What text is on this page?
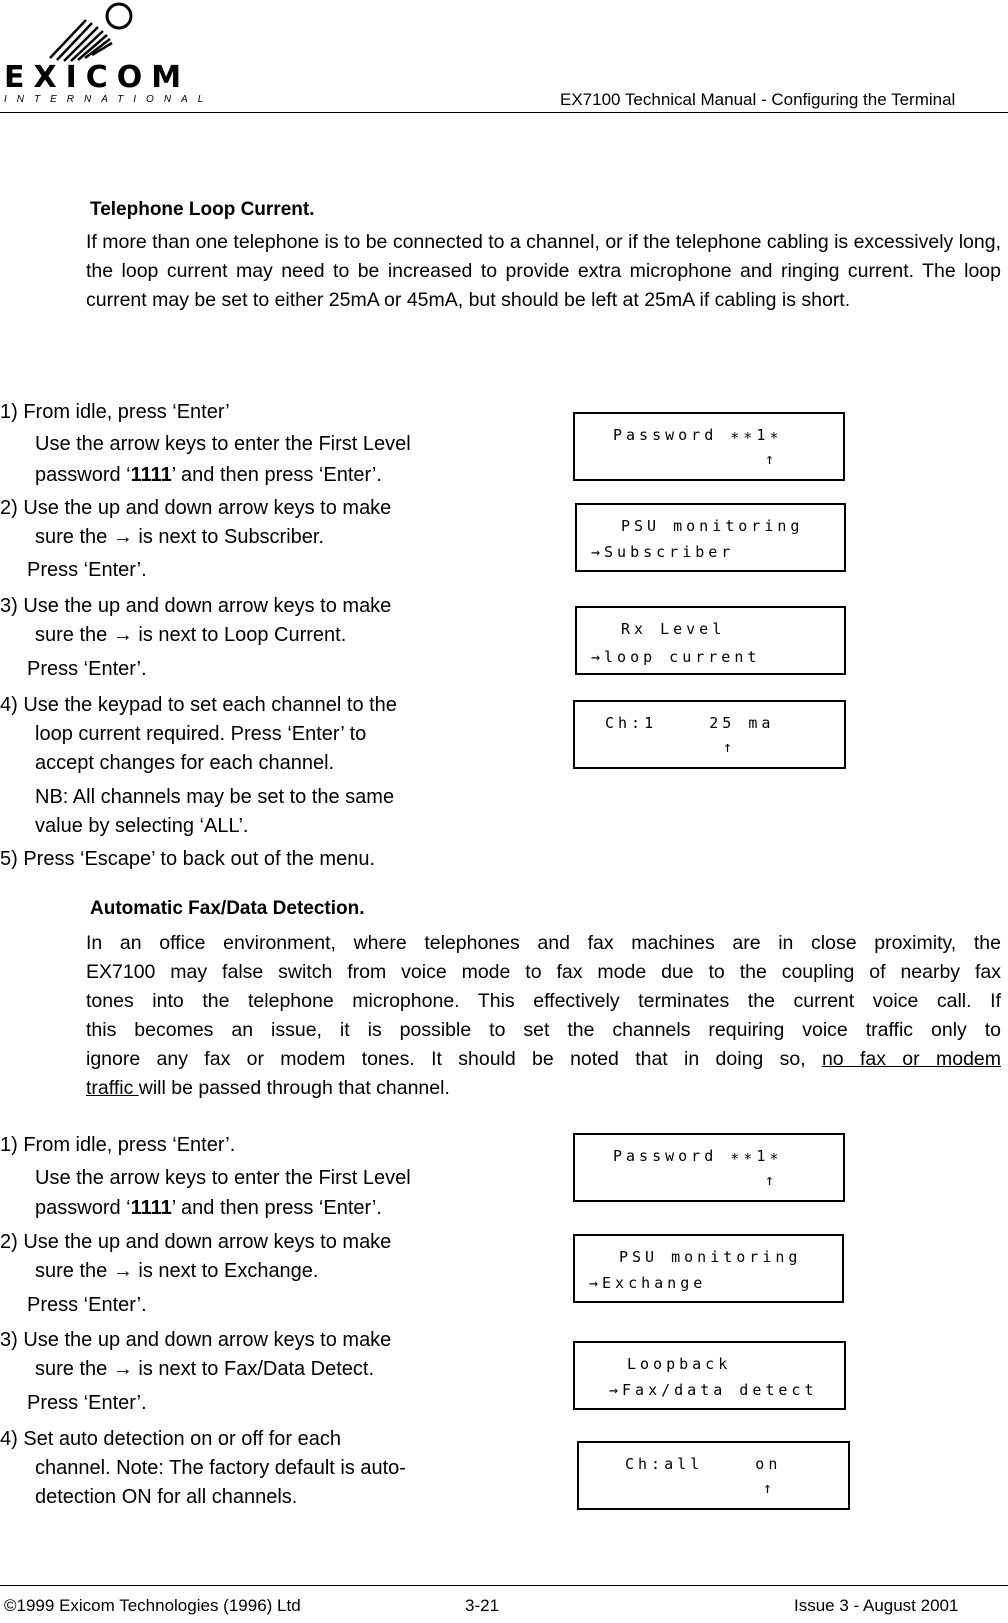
EXICOM
INTERNATIONAL	EX7100 Technical Manual - Configuring the Terminal
Telephone Loop Current.
If more than one telephone is to be connected to a channel, or if the telephone cabling is excessively long, the loop current may need to be increased to provide extra microphone and ringing current. The loop current may be set to either 25mA or 45mA, but should be left at 25mA if cabling is short.
1) From idle, press ‘Enter’
Use the arrow keys to enter the First Level
password ‘1111’ and then press ‘Enter’.
2) Use the up and down arrow keys to make
sure the → is next to Subscriber.
Press ‘Enter’.
3) Use the up and down arrow keys to make
sure the → is next to Loop Current.
Press ‘Enter’.
4) Use the keypad to set each channel to the
loop current required. Press ‘Enter’ to
accept changes for each channel.
NB: All channels may be set to the same
value by selecting ‘ALL’.
5) Press ‘Escape’ to back out of the menu.
Password ∗∗1∗
↑
PSU monitoring
→Subscriber
Rx Level
→loop current
Ch:1    25 ma
↑
Automatic Fax/Data Detection.
In an office environment, where telephones and fax machines are in close proximity, the
EX7100 may false switch from voice mode to fax mode due to the coupling of nearby fax
tones into the telephone microphone. This effectively terminates the current voice call. If
this becomes an issue, it is possible to set the channels requiring voice traffic only to
ignore any fax or modem tones. It should be noted that in doing so, no fax or modem
traffic will be passed through that channel.
1) From idle, press ‘Enter’.
Use the arrow keys to enter the First Level
password ‘1111’ and then press ‘Enter’.
2) Use the up and down arrow keys to make
sure the → is next to Exchange.
Press ‘Enter’.
3) Use the up and down arrow keys to make
sure the → is next to Fax/Data Detect.
Press ‘Enter’.
4) Set auto detection on or off for each
channel. Note: The factory default is auto-
detection ON for all channels.
Password ∗∗1∗
↑
PSU monitoring
→Exchange
Loopback
→Fax/data detect
Ch:all    on
↑
©1999 Exicom Technologies (1996) Ltd	3-21	Issue 3 - August 2001
